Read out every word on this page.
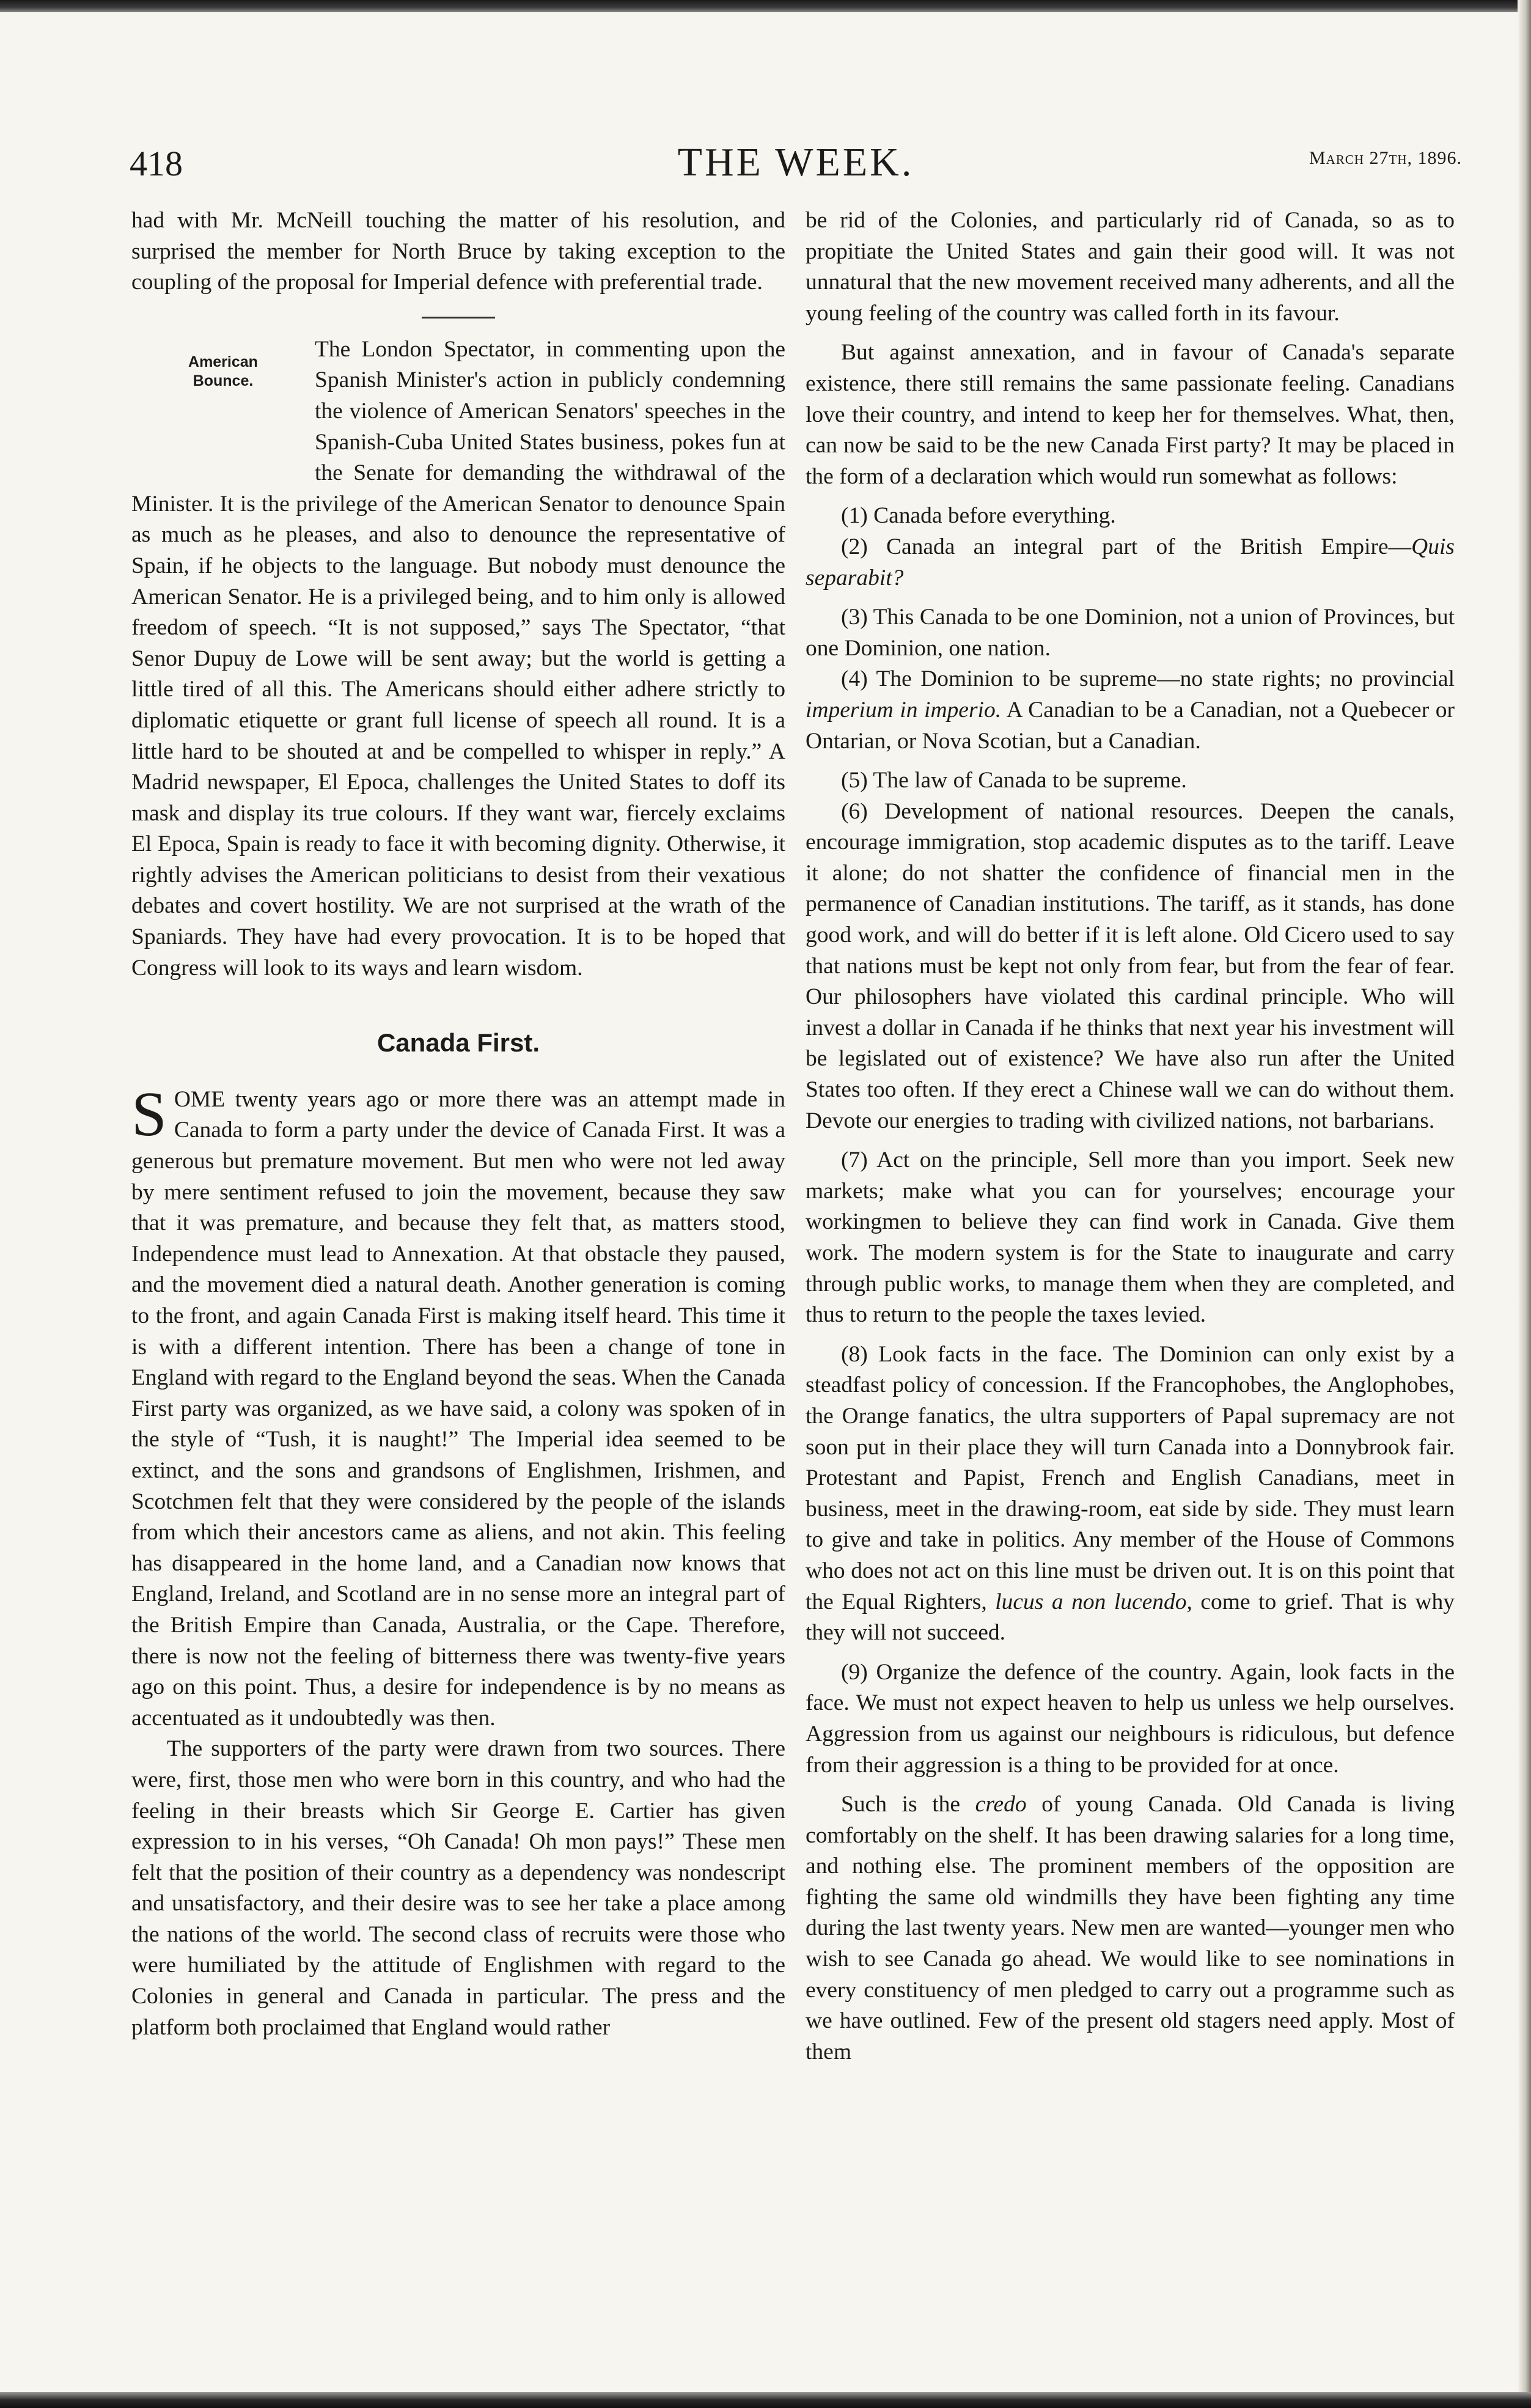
THE WEEK.
418	March 27th, 1896.

had with Mr. McNeill touching the matter of his resolution, and surprised the member for North Bruce by taking exception to the coupling of the proposal for Imperial defence with preferential trade.

American
Bounce.

The London Spectator, in commenting upon the Spanish Minister's action in publicly condemning the violence of American Senators' speeches in the Spanish-Cuba United States business, pokes fun at the Senate for demanding the withdrawal of the Minister. It is the privilege of the American Senator to denounce Spain as much as he pleases, and also to denounce the representative of Spain, if he objects to the language. But nobody must denounce the American Senator. He is a privileged being, and to him only is allowed freedom of speech. “It is not supposed,” says The Spectator, “that Senor Dupuy de Lowe will be sent away; but the world is getting a little tired of all this. The Americans should either adhere strictly to diplomatic etiquette or grant full license of speech all round. It is a little hard to be shouted at and be compelled to whisper in reply.” A Madrid newspaper, El Epoca, challenges the United States to doff its mask and display its true colours. If they want war, fiercely exclaims El Epoca, Spain is ready to face it with becoming dignity. Otherwise, it rightly advises the American politicians to desist from their vexatious debates and covert hostility. We are not surprised at the wrath of the Spaniards. They have had every provocation. It is to be hoped that Congress will look to its ways and learn wisdom.

Canada First.

SOME twenty years ago or more there was an attempt made in Canada to form a party under the device of Canada First. It was a generous but premature movement. But men who were not led away by mere sentiment refused to join the movement, because they saw that it was premature, and because they felt that, as matters stood, Independence must lead to Annexation. At that obstacle they paused, and the movement died a natural death. Another generation is coming to the front, and again Canada First is making itself heard. This time it is with a different intention. There has been a change of tone in England with regard to the England beyond the seas. When the Canada First party was organized, as we have said, a colony was spoken of in the style of “Tush, it is naught!” The Imperial idea seemed to be extinct, and the sons and grandsons of Englishmen, Irishmen, and Scotchmen felt that they were considered by the people of the islands from which their ancestors came as aliens, and not akin. This feeling has disappeared in the home land, and a Canadian now knows that England, Ireland, and Scotland are in no sense more an integral part of the British Empire than Canada, Australia, or the Cape. Therefore, there is now not the feeling of bitterness there was twenty-five years ago on this point. Thus, a desire for independence is by no means as accentuated as it undoubtedly was then.

The supporters of the party were drawn from two sources. There were, first, those men who were born in this country, and who had the feeling in their breasts which Sir George E. Cartier has given expression to in his verses, “Oh Canada! Oh mon pays!” These men felt that the position of their country as a dependency was nondescript and unsatisfactory, and their desire was to see her take a place among the nations of the world. The second class of recruits were those who were humiliated by the attitude of Englishmen with regard to the Colonies in general and Canada in particular. The press and the platform both proclaimed that England would rather

be rid of the Colonies, and particularly rid of Canada, so as to propitiate the United States and gain their good will. It was not unnatural that the new movement received many adherents, and all the young feeling of the country was called forth in its favour.

But against annexation, and in favour of Canada's separate existence, there still remains the same passionate feeling. Canadians love their country, and intend to keep her for themselves. What, then, can now be said to be the new Canada First party? It may be placed in the form of a declaration which would run somewhat as follows:

(1) Canada before everything.

(2) Canada an integral part of the British Empire—Quis separabit?

(3) This Canada to be one Dominion, not a union of Provinces, but one Dominion, one nation.

(4) The Dominion to be supreme—no state rights; no provincial imperium in imperio. A Canadian to be a Canadian, not a Quebecer or Ontarian, or Nova Scotian, but a Canadian.

(5) The law of Canada to be supreme.

(6) Development of national resources. Deepen the canals, encourage immigration, stop academic disputes as to the tariff. Leave it alone; do not shatter the confidence of financial men in the permanence of Canadian institutions. The tariff, as it stands, has done good work, and will do better if it is left alone. Old Cicero used to say that nations must be kept not only from fear, but from the fear of fear. Our philosophers have violated this cardinal principle. Who will invest a dollar in Canada if he thinks that next year his investment will be legislated out of existence? We have also run after the United States too often. If they erect a Chinese wall we can do without them. Devote our energies to trading with civilized nations, not barbarians.

(7) Act on the principle, Sell more than you import. Seek new markets; make what you can for yourselves; encourage your workingmen to believe they can find work in Canada. Give them work. The modern system is for the State to inaugurate and carry through public works, to manage them when they are completed, and thus to return to the people the taxes levied.

(8) Look facts in the face. The Dominion can only exist by a steadfast policy of concession. If the Francophobes, the Anglophobes, the Orange fanatics, the ultra supporters of Papal supremacy are not soon put in their place they will turn Canada into a Donnybrook fair. Protestant and Papist, French and English Canadians, meet in business, meet in the drawing-room, eat side by side. They must learn to give and take in politics. Any member of the House of Commons who does not act on this line must be driven out. It is on this point that the Equal Righters, lucus a non lucendo, come to grief. That is why they will not succeed.

(9) Organize the defence of the country. Again, look facts in the face. We must not expect heaven to help us unless we help ourselves. Aggression from us against our neighbours is ridiculous, but defence from their aggression is a thing to be provided for at once.

Such is the credo of young Canada. Old Canada is living comfortably on the shelf. It has been drawing salaries for a long time, and nothing else. The prominent members of the opposition are fighting the same old windmills they have been fighting any time during the last twenty years. New men are wanted—younger men who wish to see Canada go ahead. We would like to see nominations in every constituency of men pledged to carry out a programme such as we have outlined. Few of the present old stagers need apply. Most of them
